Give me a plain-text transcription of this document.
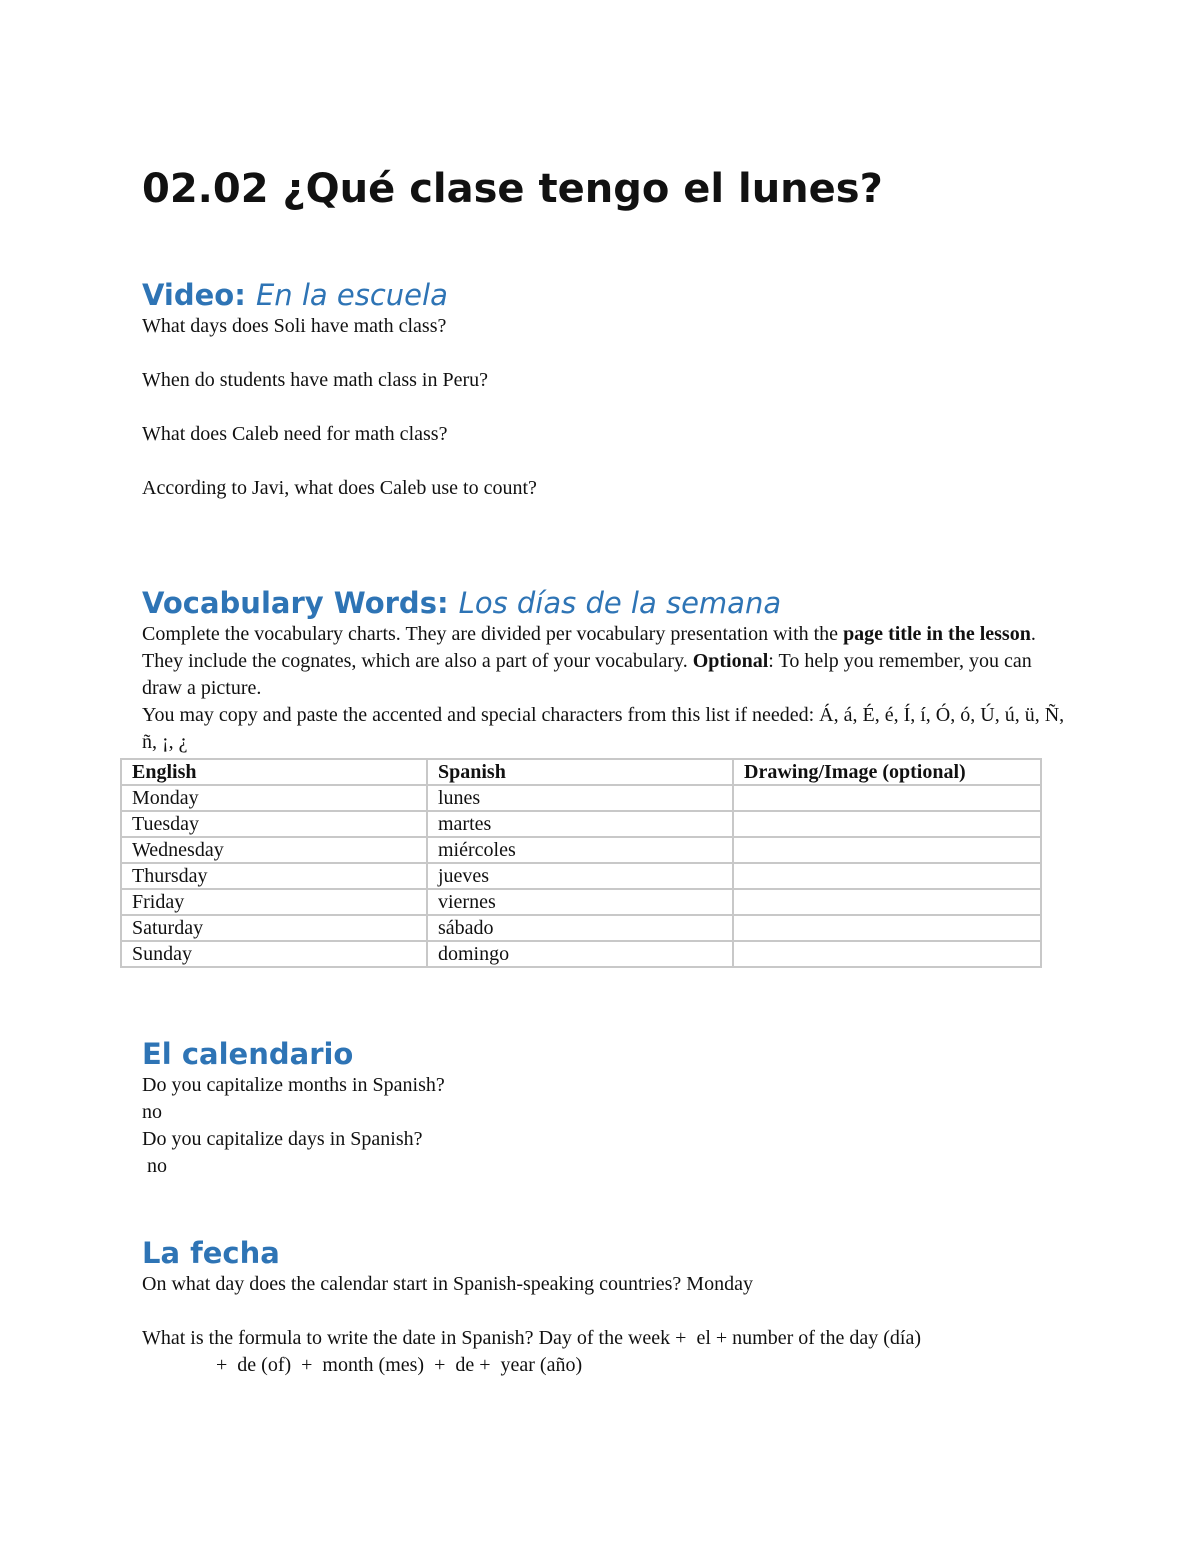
02.02 ¿Qué clase tengo el lunes?
Video: En la escuela

What days does Soli have math class?

When do students have math class in Peru?

What does Caleb need for math class?

According to Javi, what does Caleb use to count?

Vocabulary Words: Los días de la semana

Complete the vocabulary charts. They are divided per vocabulary presentation with the page title in the lesson. They include the cognates, which are also a part of your vocabulary. Optional: To help you remember, you can draw a picture.

You may copy and paste the accented and special characters from this list if needed: Á, á, É, é, Í, í, Ó, ó, Ú, ú, ü, Ñ, ñ, ¡, ¿

English	Spanish	Drawing/Image (optional)
Monday	lunes	
Tuesday	martes	
Wednesday	miércoles	
Thursday	jueves	
Friday	viernes	
Saturday	sábado	
Sunday	domingo	
El calendario

Do you capitalize months in Spanish?

no

Do you capitalize days in Spanish?

no

La fecha

On what day does the calendar start in Spanish-speaking countries? Monday

What is the formula to write the date in Spanish? Day of the week +  el + number of the day (día)

+  de (of)  +  month (mes)  +  de +  year (año)
